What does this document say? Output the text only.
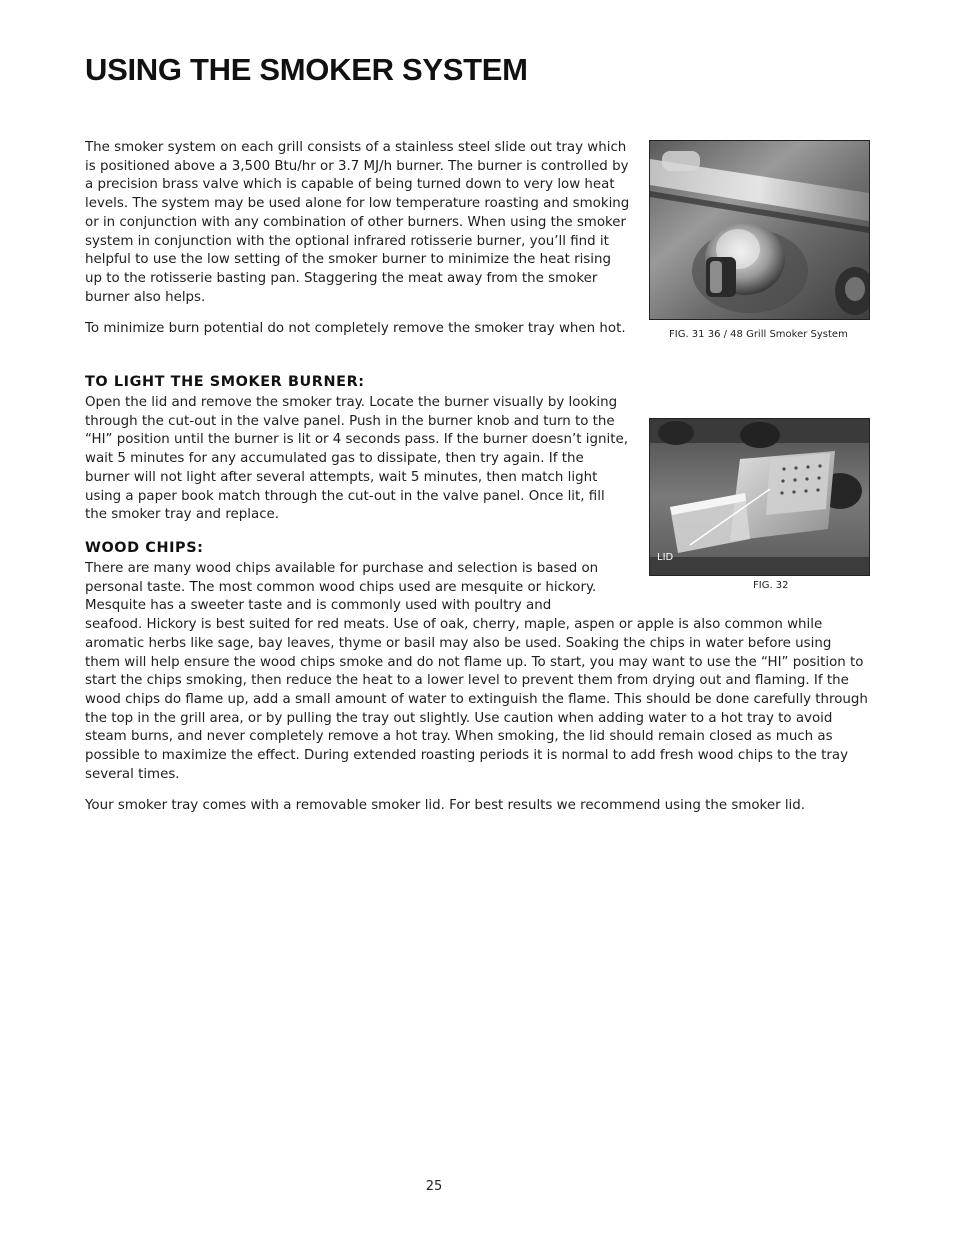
USING THE SMOKER SYSTEM

The smoker system on each grill consists of a stainless steel slide out tray which is positioned above a 3,500 Btu/hr or 3.7 MJ/h burner. The burner is controlled by a precision brass valve which is capable of being turned down to very low heat levels. The system may be used alone for low temperature roasting and smoking or in conjunction with any combination of other burners. When using the smoker system in conjunction with the optional infrared rotisserie burner, you’ll find it helpful to use the low setting of the smoker burner to minimize the heat rising up to the rotisserie basting pan. Staggering the meat away from the smoker burner also helps.

To minimize burn potential do not completely remove the smoker tray when hot.	FIG. 31 36 / 48 Grill Smoker System

TO LIGHT THE SMOKER BURNER:

Open the lid and remove the smoker tray. Locate the burner visually by looking through the cut-out in the valve panel. Push in the burner knob and turn to the “HI” position until the burner is lit or 4 seconds pass. If the burner doesn’t ignite, wait 5 minutes for any accumulated gas to dissipate, then try again. If the burner will not light after several attempts, wait 5 minutes, then match light using a paper book match through the cut-out in the valve panel. Once lit, fill the smoker tray and replace.

LID

FIG. 32

WOOD CHIPS:

There are many wood chips available for purchase and selection is based on personal taste. The most common wood chips used are mesquite or hickory. Mesquite has a sweeter taste and is commonly used with poultry and seafood. Hickory is best suited for red meats. Use of oak, cherry, maple, aspen or apple is also common while aromatic herbs like sage, bay leaves, thyme or basil may also be used. Soaking the chips in water before using them will help ensure the wood chips smoke and do not flame up. To start, you may want to use the “HI” position to start the chips smoking, then reduce the heat to a lower level to prevent them from drying out and flaming. If the wood chips do flame up, add a small amount of water to extinguish the flame. This should be done carefully through the top in the grill area, or by pulling the tray out slightly. Use caution when adding water to a hot tray to avoid steam burns, and never completely remove a hot tray. When smoking, the lid should remain closed as much as possible to maximize the effect. During extended roasting periods it is normal to add fresh wood chips to the tray several times.

Your smoker tray comes with a removable smoker lid. For best results we recommend using the smoker lid.

25
